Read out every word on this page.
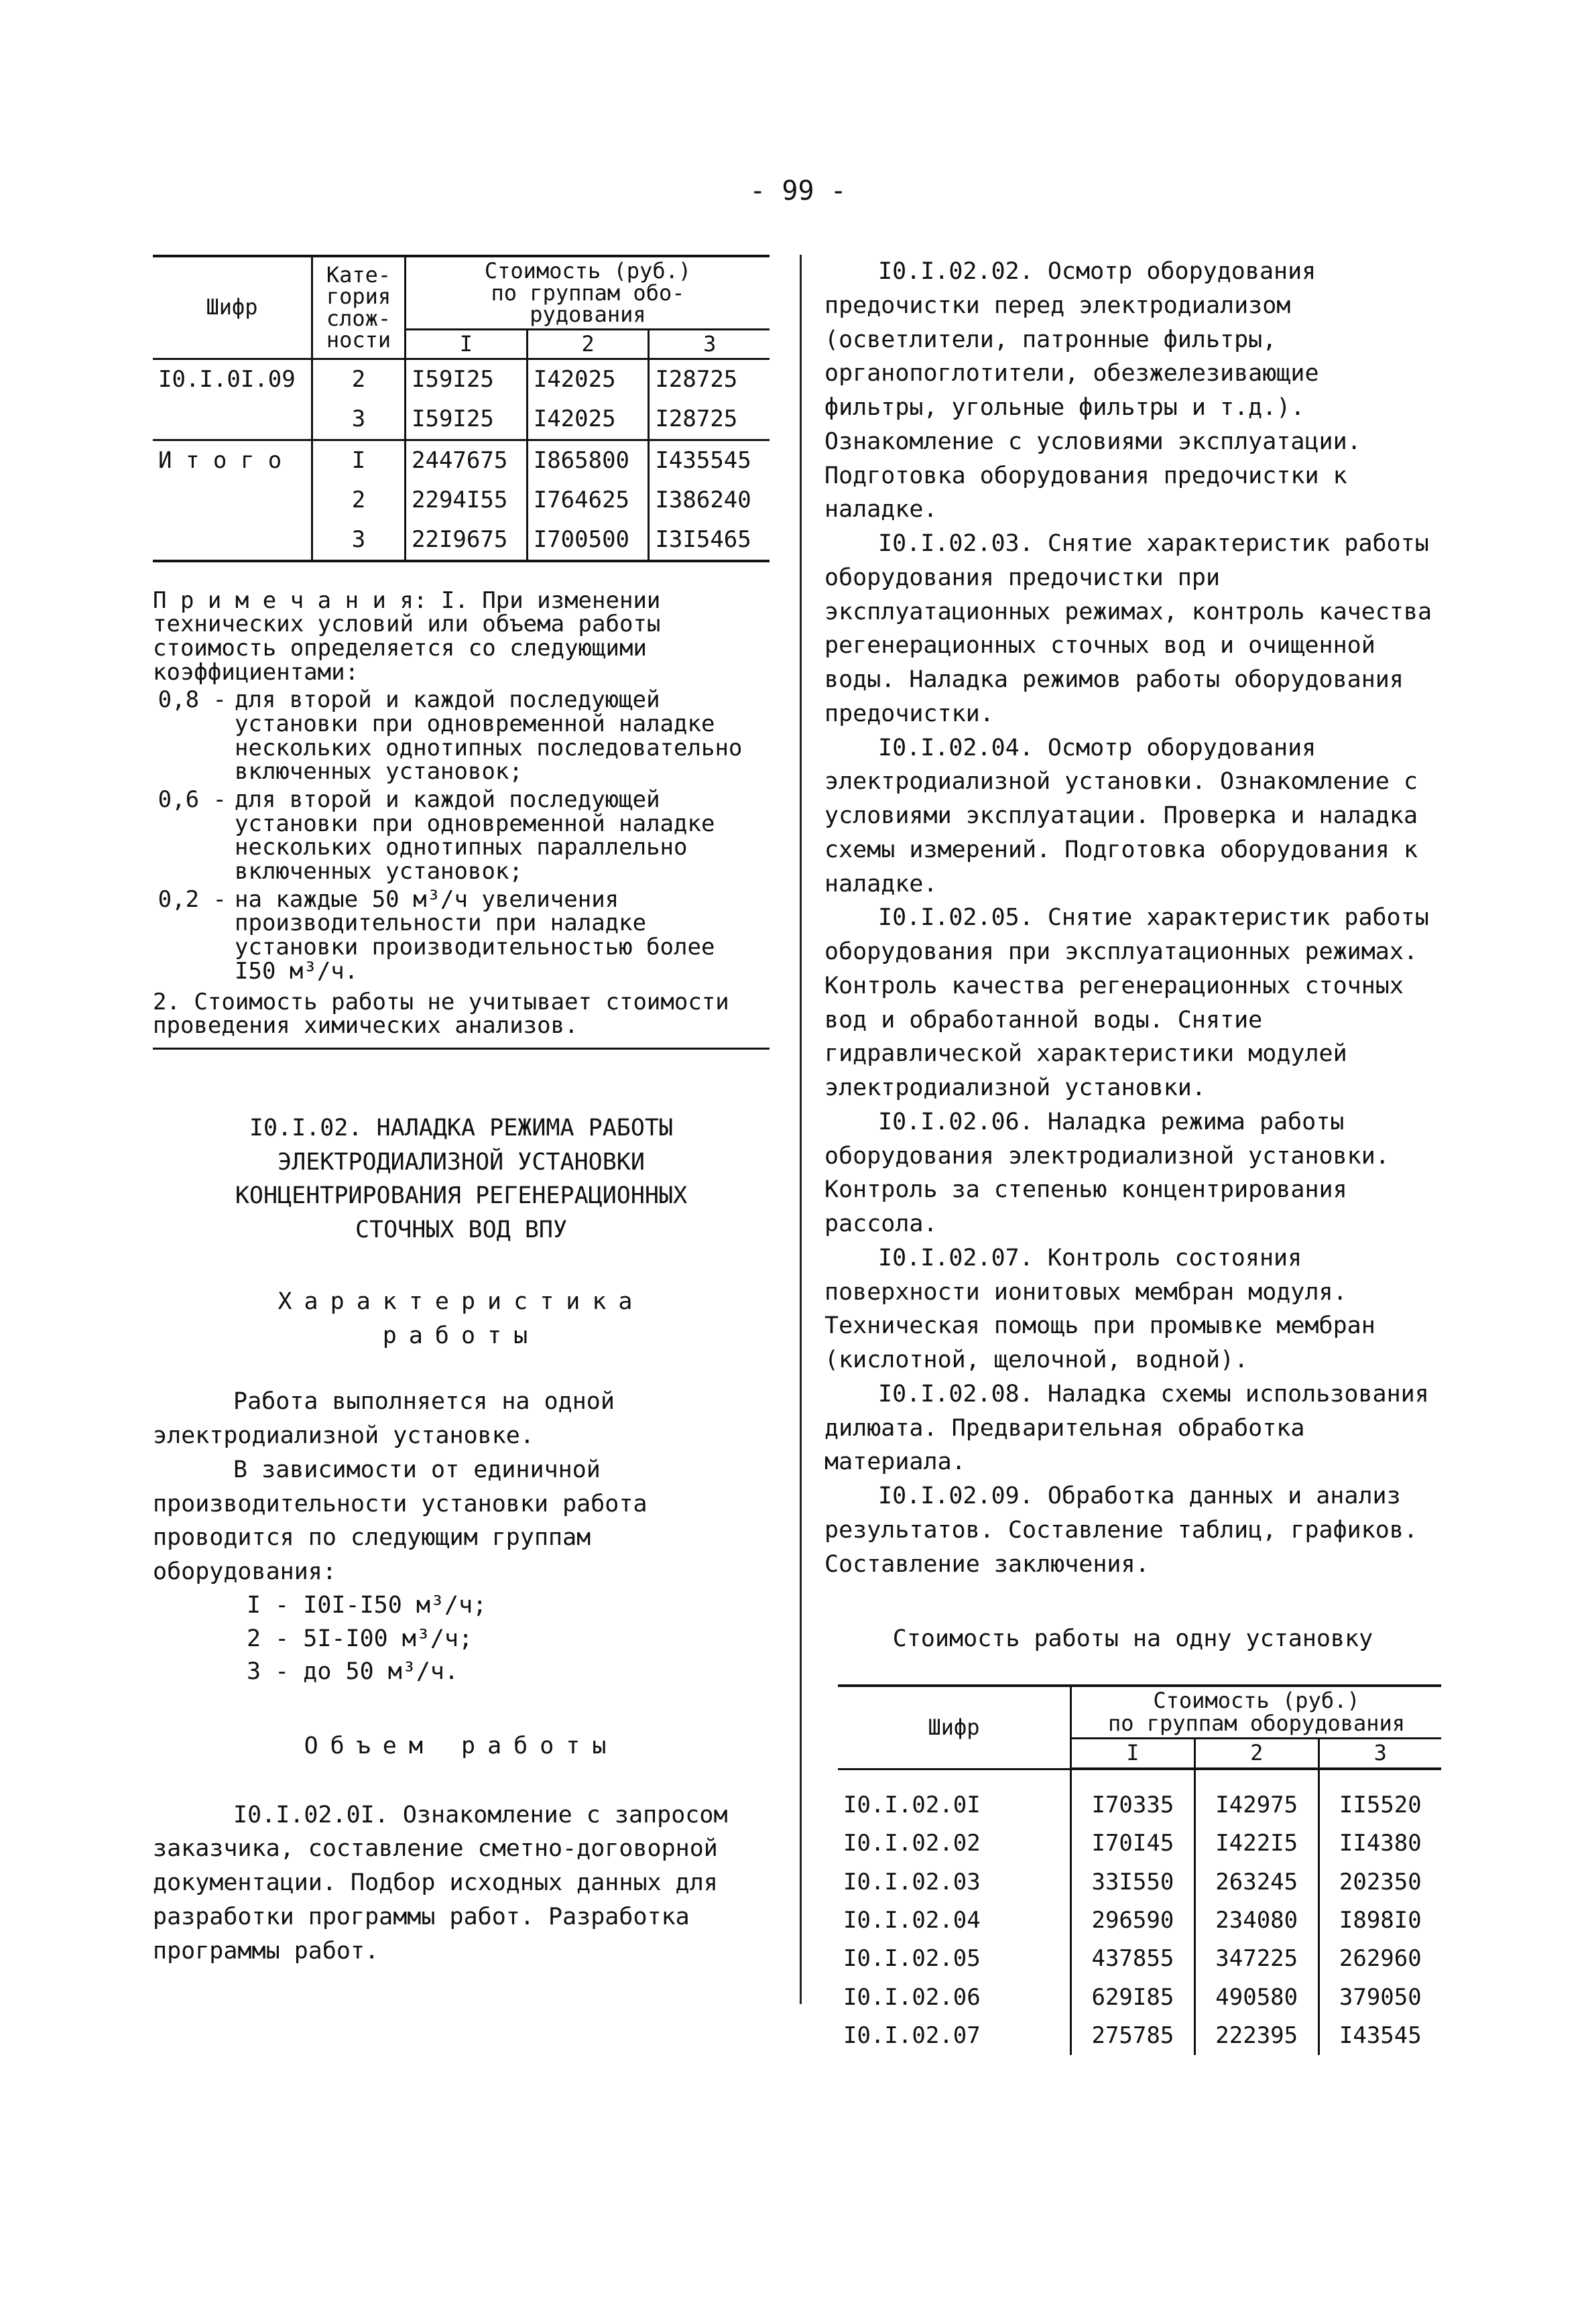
- 99 -
Шифр	Кате-
гория
слож-
ности	Стоимость (руб.)
по группам обо-
рудования		
		I	2	3
I0.I.0I.09	2	I59I25	I42025	I28725
	3	I59I25	I42025	I28725
И т о г о	I	2447675	I865800	I435545
	2	2294I55	I764625	I386240
	3	22I9675	I700500	I3I5465

П р и м е ч а н и я: I. При изменении технических условий или объема работы стоимость определяется со следующими коэффициентами:

0,8 - для второй и каждой последующей установки при одновременной наладке нескольких однотипных последовательно включенных установок;
0,6 - для второй и каждой последующей установки при одновременной наладке нескольких однотипных параллельно включенных установок;
0,2 - на каждые 50 м³/ч увеличения производительности при наладке установки производительностью более I50 м³/ч.

2. Стоимость работы не учитывает стоимости проведения химических анализов.

I0.I.02. НАЛАДКА РЕЖИМА РАБОТЫ
ЭЛЕКТРОДИАЛИЗНОЙ УСТАНОВКИ
КОНЦЕНТРИРОВАНИЯ РЕГЕНЕРАЦИОННЫХ
СТОЧНЫХ ВОД ВПУ
Характеристика
работы

Работа выполняется на одной электродиализной установке.

В зависимости от единичной производительности установки работа проводится по следующим группам оборудования:

I - I0I-I50 м³/ч;
2 - 5I-I00 м³/ч;
3 - до 50 м³/ч.
Объем работы

I0.I.02.0I. Ознакомление с запросом заказчика, составление сметно-договорной документации. Подбор исходных данных для разработки программы работ. Разработка программы работ.

I0.I.02.02. Осмотр оборудования предочистки перед электродиализом (осветлители, патронные фильтры, органопоглотители, обезжелезивающие фильтры, угольные фильтры и т.д.). Ознакомление с условиями эксплуатации. Подготовка оборудования предочистки к наладке.

I0.I.02.03. Снятие характеристик работы оборудования предочистки при эксплуатационных режимах, контроль качества регенерационных сточных вод и очищенной воды. Наладка режимов работы оборудования предочистки.

I0.I.02.04. Осмотр оборудования электродиализной установки. Ознакомление с условиями эксплуатации. Проверка и наладка схемы измерений. Подготовка оборудования к наладке.

I0.I.02.05. Снятие характеристик работы оборудования при эксплуатационных режимах. Контроль качества регенерационных сточных вод и обработанной воды. Снятие гидравлической характеристики модулей электродиализной установки.

I0.I.02.06. Наладка режима работы оборудования электродиализной установки. Контроль за степенью концентрирования рассола.

I0.I.02.07. Контроль состояния поверхности ионитовых мембран модуля. Техническая помощь при промывке мембран (кислотной, щелочной, водной).

I0.I.02.08. Наладка схемы использования дилюата. Предварительная обработка материала.

I0.I.02.09. Обработка данных и анализ результатов. Составление таблиц, графиков. Составление заключения.

Стоимость работы на одну установку
Шифр	Стоимость (руб.)
по группам оборудования		
	I	2	3
I0.I.02.0I	I70335	I42975	II5520
I0.I.02.02	I70I45	I422I5	II4380
I0.I.02.03	33I550	263245	202350
I0.I.02.04	296590	234080	I898I0
I0.I.02.05	437855	347225	262960
I0.I.02.06	629I85	490580	379050
I0.I.02.07	275785	222395	I43545
